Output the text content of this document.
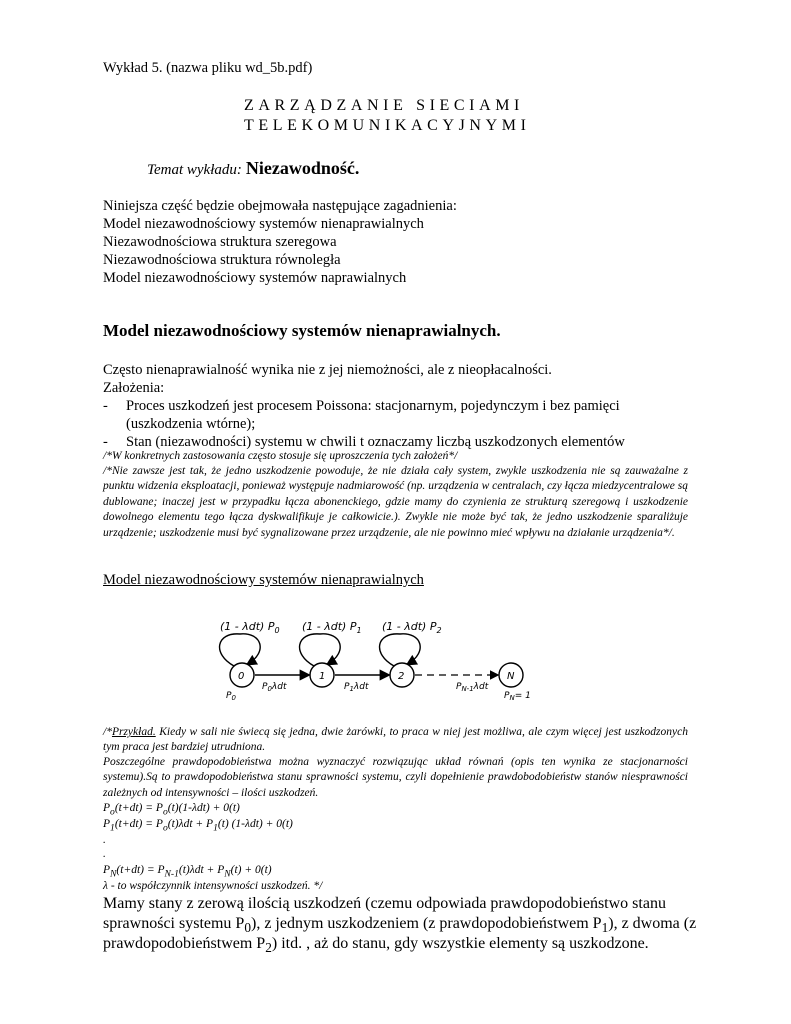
Wykład 5. (nazwa pliku wd_5b.pdf)

ZARZĄDZANIE SIECIAMI

TELEKOMUNIKACYJNYMI

Temat wykładu: Niezawodność.

Niniejsza część będzie obejmowała następujące zagadnienia:

Model niezawodnościowy systemów nienaprawialnych

Niezawodnościowa struktura szeregowa

Niezawodnościowa struktura równoległa

Model niezawodnościowy systemów naprawialnych

Model niezawodnościowy systemów nienaprawialnych.

Często nienaprawialność wynika nie z jej niemożności, ale z nieopłacalności.

Założenia:

- Proces uszkodzeń jest procesem Poissona: stacjonarnym, pojedynczym i bez pamięci

(uszkodzenia wtórne);

- Stan (niezawodności) systemu w chwili t oznaczamy liczbą uszkodzonych elementów

/*W konkretnych zastosowania często stosuje się uproszczenia tych założeń*/

/*Nie zawsze jest tak, że jedno uszkodzenie powoduje, że nie działa cały system, zwykle uszkodzenia nie są zauważalne z punktu widzenia eksploatacji, ponieważ występuje nadmiarowość (np. urządzenia w centralach, czy łącza miedzycentralowe są dublowane; inaczej jest w przypadku łącza abonenckiego, gdzie mamy do czynienia ze strukturą szeregową i uszkodzenie dowolnego elementu tego łącza dyskwalifikuje je całkowicie.). Zwykle nie może być tak, że jedno uszkodzenie sparaliżuje urządzenie; uszkodzenie musi być sygnalizowane przez urządzenie, ale nie powinno mieć wpływu na działanie urządzenia*/.

Model niezawodnościowy systemów nienaprawialnych

(1 - λdt) $P_0$ (1 - λdt) $P_1$ (1 - λdt) $P_2$
0	1	2	N
$P_0\lambda dt$	$P_1\lambda dt$	$P_{N-1}\lambda dt$
$P_0$	$P_N= 1$

/*Przykład. Kiedy w sali nie świecą się jedna, dwie żarówki, to praca w niej jest możliwa, ale czym więcej jest uszkodzonych tym praca jest bardziej utrudniona.

Poszczególne prawdopodobieństwa można wyznaczyć rozwiązując układ równań (opis ten wynika ze stacjonarności systemu).Są to prawdopodobieństwa stanu sprawności systemu, czyli dopełnienie prawdobodobieństw stanów niesprawności zależnych od intensywności – ilości uszkodzeń.

$P_o(t+dt) = P_o(t)(1-\lambda dt) + 0(t)$

$P_1(t+dt) = P_o(t)\lambda dt + P_1(t) (1-\lambda dt) + 0(t)$

.

.

$P_N(t+dt) = P_{N-1}(t)\lambda dt + P_N(t) + 0(t)$

λ - to współczynnik intensywności uszkodzeń. */

Mamy stany z zerową ilością uszkodzeń (czemu odpowiada prawdopodobieństwo stanu

sprawności systemu $P_0$), z jednym uszkodzeniem (z prawdopodobieństwem $P_1$), z dwoma (z

prawdopodobieństwem $P_2$) itd. , aż do stanu, gdy wszystkie elementy są uszkodzone.
